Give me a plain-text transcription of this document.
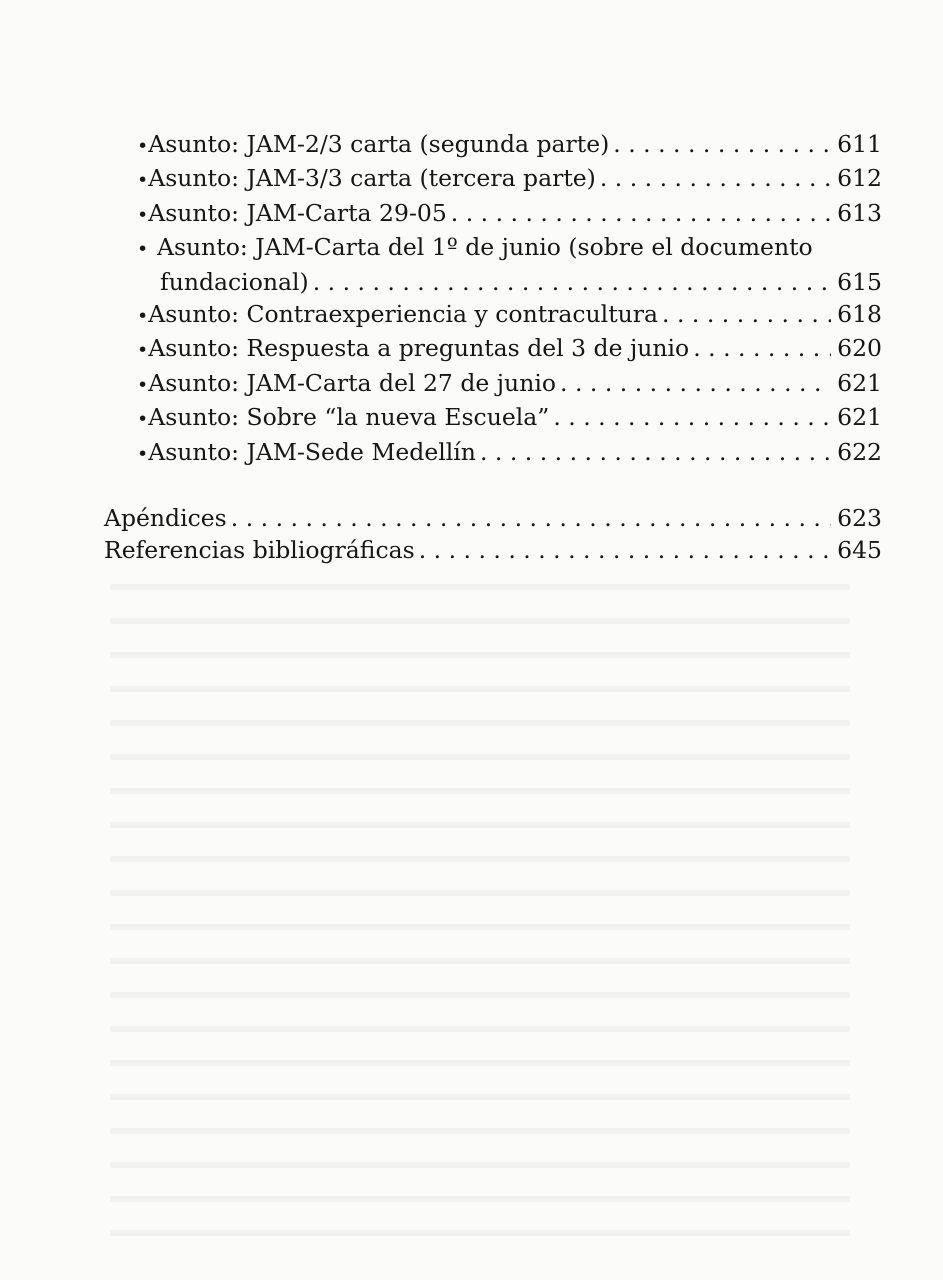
• Asunto: JAM-2/3 carta (segunda parte) . . .	611
• Asunto: JAM-3/3 carta (tercera parte) . . .	612
• Asunto: JAM-Carta 29-05 . . .	613
• Asunto: JAM-Carta del 1º de junio (sobre el documento
fundacional) . . .	615
• Asunto: Contraexperiencia y contracultura . . .	618
• Asunto: Respuesta a preguntas del 3 de junio . . .	620
• Asunto: JAM-Carta del 27 de junio . . .	621
• Asunto: Sobre “la nueva Escuela” . . .	621
• Asunto: JAM-Sede Medellín . . .	622
Apéndices . . .	623
Referencias bibliográficas . . .	645
